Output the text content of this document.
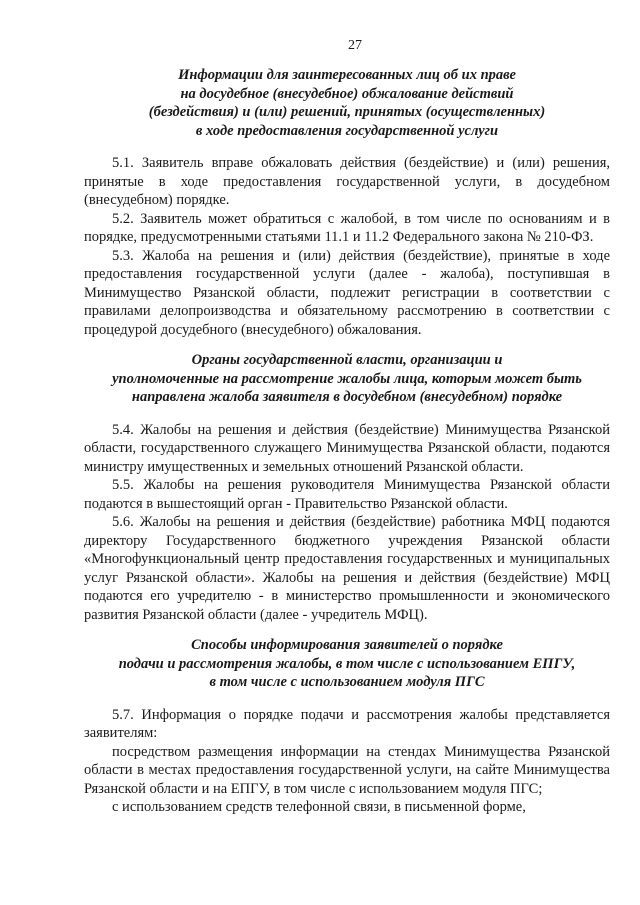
27
Информации для заинтересованных лиц об их праве
на досудебное (внесудебное) обжалование действий
(бездействия) и (или) решений, принятых (осуществленных)
в ходе предоставления государственной услуги

5.1. Заявитель вправе обжаловать действия (бездействие) и (или) решения, принятые в ходе предоставления государственной услуги, в досудебном (внесудебном) порядке.

5.2. Заявитель может обратиться с жалобой, в том числе по основаниям и в порядке, предусмотренными статьями 11.1 и 11.2 Федерального закона № 210-ФЗ.

5.3. Жалоба на решения и (или) действия (бездействие), принятые в ходе предоставления государственной услуги (далее - жалоба), поступившая в Минимущество Рязанской области, подлежит регистрации в соответствии с правилами делопроизводства и обязательному рассмотрению в соответствии с процедурой досудебного (внесудебного) обжалования.

Органы государственной власти, организации и
уполномоченные на рассмотрение жалобы лица, которым может быть
направлена жалоба заявителя в досудебном (внесудебном) порядке

5.4. Жалобы на решения и действия (бездействие) Минимущества Рязанской области, государственного служащего Минимущества Рязанской области, подаются министру имущественных и земельных отношений Рязанской области.

5.5. Жалобы на решения руководителя Минимущества Рязанской области подаются в вышестоящий орган - Правительство Рязанской области.

5.6. Жалобы на решения и действия (бездействие) работника МФЦ подаются директору Государственного бюджетного учреждения Рязанской области «Многофункциональный центр предоставления государственных и муниципальных услуг Рязанской области». Жалобы на решения и действия (бездействие) МФЦ подаются его учредителю - в министерство промышленности и экономического развития Рязанской области (далее - учредитель МФЦ).

Способы информирования заявителей о порядке
подачи и рассмотрения жалобы, в том числе с использованием ЕПГУ,
в том числе с использованием модуля ПГС

5.7. Информация о порядке подачи и рассмотрения жалобы представляется заявителям:

посредством размещения информации на стендах Минимущества Рязанской области в местах предоставления государственной услуги, на сайте Минимущества Рязанской области и на ЕПГУ, в том числе с использованием модуля ПГС;

с использованием средств телефонной связи, в письменной форме,
